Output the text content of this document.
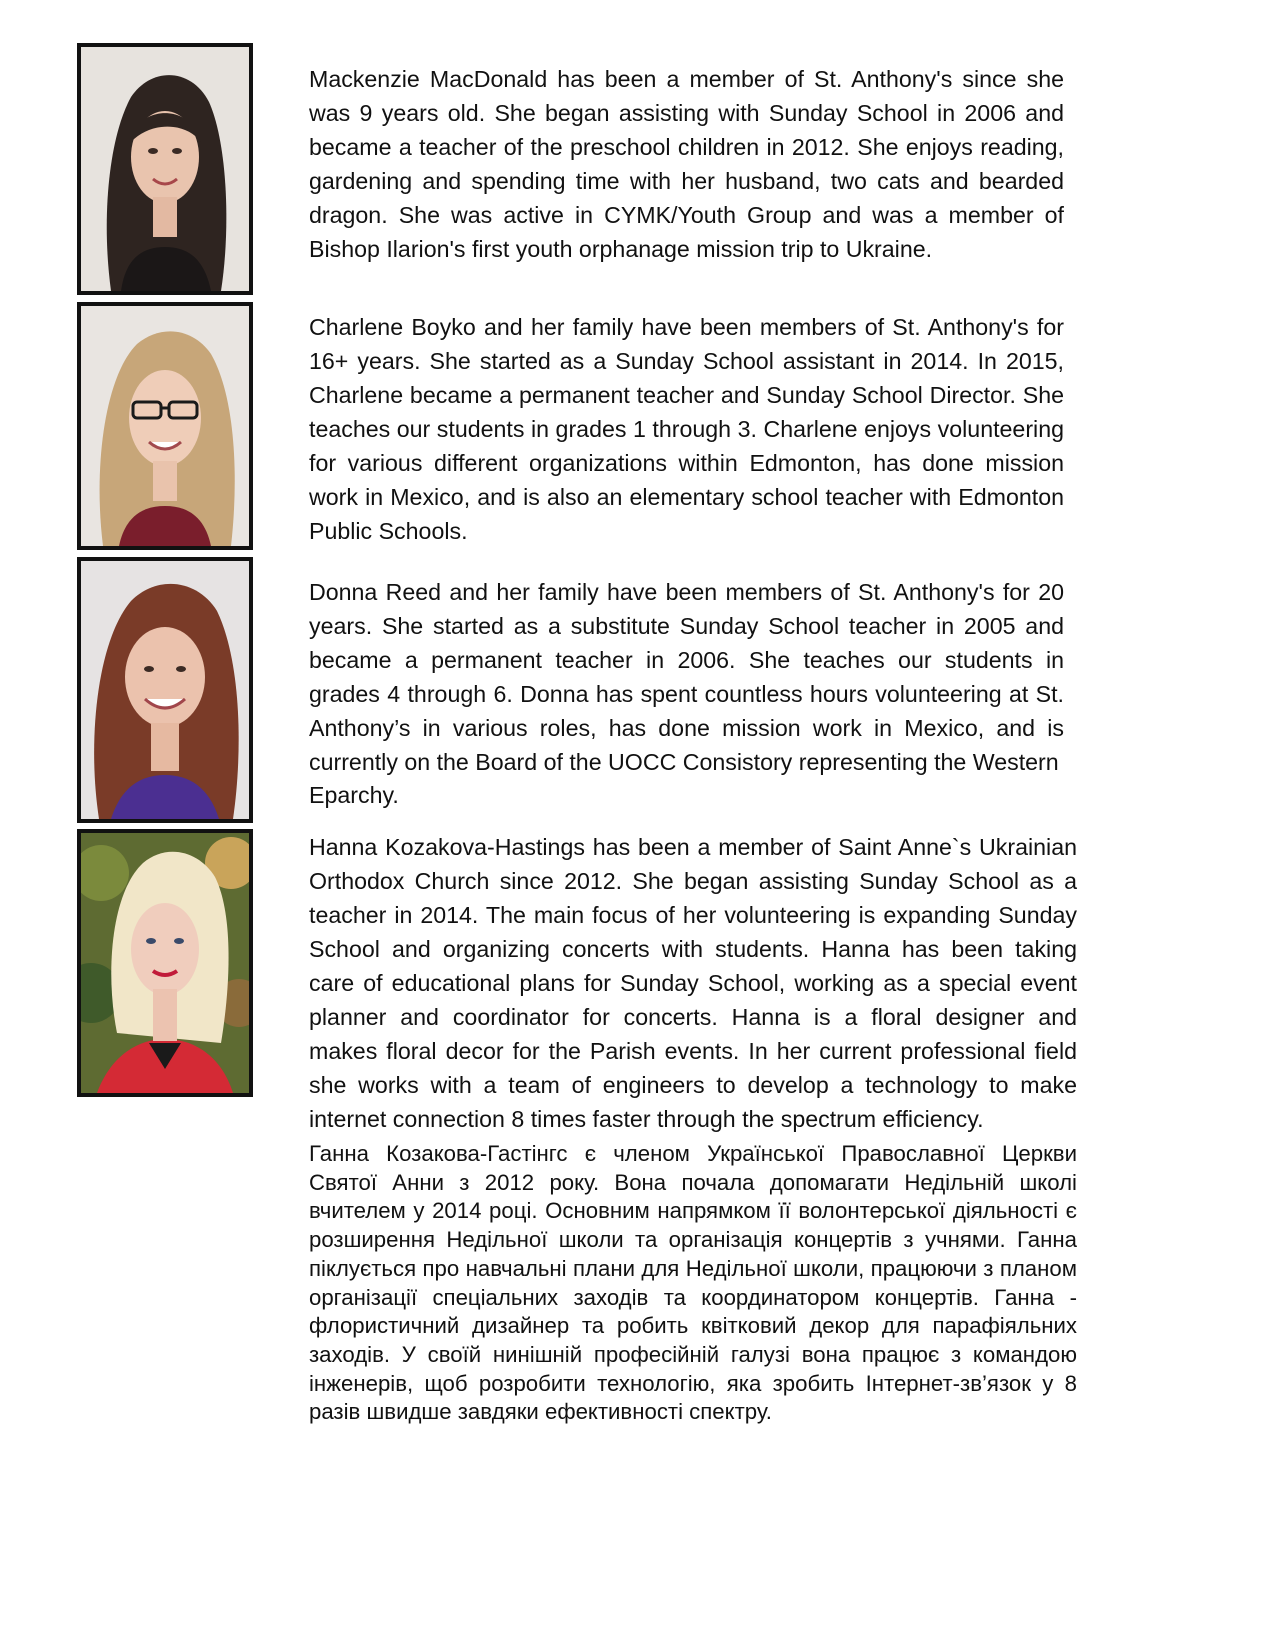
Mackenzie MacDonald has been a member of St. Anthony's since she was 9 years old. She began assisting with Sunday School in 2006 and became a teacher of the preschool children in 2012. She enjoys reading, gardening and spending time with her husband, two cats and bearded dragon. She was active in CYMK/Youth Group and was a member of Bishop Ilarion's first youth orphanage mission trip to Ukraine.

Charlene Boyko and her family have been members of St. Anthony's for 16+ years. She started as a Sunday School assistant in 2014. In 2015, Charlene became a permanent teacher and Sunday School Director. She teaches our students in grades 1 through 3. Charlene enjoys volunteering for various different organizations within Edmonton, has done mission work in Mexico, and is also an elementary school teacher with Edmonton Public Schools.

Donna Reed and her family have been members of St. Anthony's for 20 years. She started as a substitute Sunday School teacher in 2005 and became a permanent teacher in 2006. She teaches our students in grades 4 through 6. Donna has spent countless hours volunteering at St. Anthony’s in various roles, has done mission work in Mexico, and is currently on the Board of the UOCC Consistory representing the Western

Eparchy.

Hanna Kozakova-Hastings has been a member of Saint Anne`s Ukrainian Orthodox Church since 2012. She began assisting Sunday School as a teacher in 2014. The main focus of her volunteering is expanding Sunday School and organizing concerts with students. Hanna has been taking care of educational plans for Sunday School, working as a special event planner and coordinator for concerts. Hanna is a floral designer and makes floral decor for the Parish events. In her current professional field she works with a team of engineers to develop a technology to make internet connection 8 times faster through the spectrum efficiency.

Ганна Козакова-Гастінгс є членом Української Православної Церкви Святої Анни з 2012 року. Вона почала допомагати Недільній школі вчителем у 2014 році. Основним напрямком її волонтерської діяльності є розширення Недільної школи та організація концертів з учнями. Ганна піклується про навчальні плани для Недільної школи, працюючи з планом організації спеціальних заходів та координатором концертів. Ганна - флористичний дизайнер та робить квітковий декор для парафіяльних заходів. У своїй нинішній професійній галузі вона працює з командою інженерів, щоб розробити технологію, яка зробить Інтернет-зв’язок у 8 разів швидше завдяки ефективності спектру.
